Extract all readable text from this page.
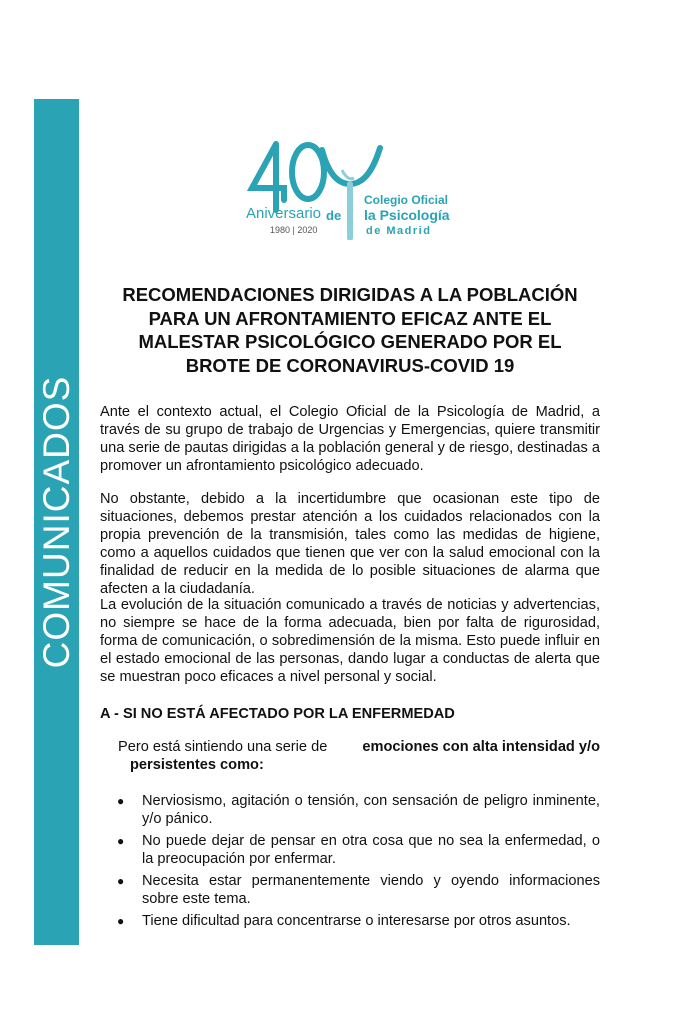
COMUNICADOS
Aniversario
1980 | 2020
de
Colegio Oficial
la Psicología
de Madrid
RECOMENDACIONES DIRIGIDAS A LA POBLACIÓN
PARA UN AFRONTAMIENTO EFICAZ ANTE EL
MALESTAR PSICOLÓGICO GENERADO POR EL
BROTE DE CORONAVIRUS-COVID 19
Ante el contexto actual, el Colegio Oficial de la Psicología de Madrid, a través de su grupo de trabajo de Urgencias y Emergencias, quiere transmitir una serie de pautas dirigidas a la población general y de riesgo, destinadas a promover un afrontamiento psicológico adecuado.
No obstante, debido a la incertidumbre que ocasionan este tipo de situaciones, debemos prestar atención a los cuidados relacionados con la propia prevención de la transmisión, tales como las medidas de higiene, como a aquellos cuidados que tienen que ver con la salud emocional con la finalidad de reducir en la medida de lo posible situaciones de alarma que afecten a la ciudadanía.
La evolución de la situación comunicado a través de noticias y advertencias, no siempre se hace de la forma adecuada, bien por falta de rigurosidad, forma de comunicación, o sobredimensión de la misma. Esto puede influir en el estado emocional de las personas, dando lugar a conductas de alerta que se muestran poco eficaces a nivel personal y social.
A - SI NO ESTÁ AFECTADO POR LA ENFERMEDAD
Pero está sintiendo una serie de emociones con alta intensidad y/o
persistentes como:
● Nerviosismo, agitación o tensión, con sensación de peligro inminente, y/o pánico.
● No puede dejar de pensar en otra cosa que no sea la enfermedad, o la preocupación por enfermar.
● Necesita estar permanentemente viendo y oyendo informaciones sobre este tema.
● Tiene dificultad para concentrarse o interesarse por otros asuntos.
